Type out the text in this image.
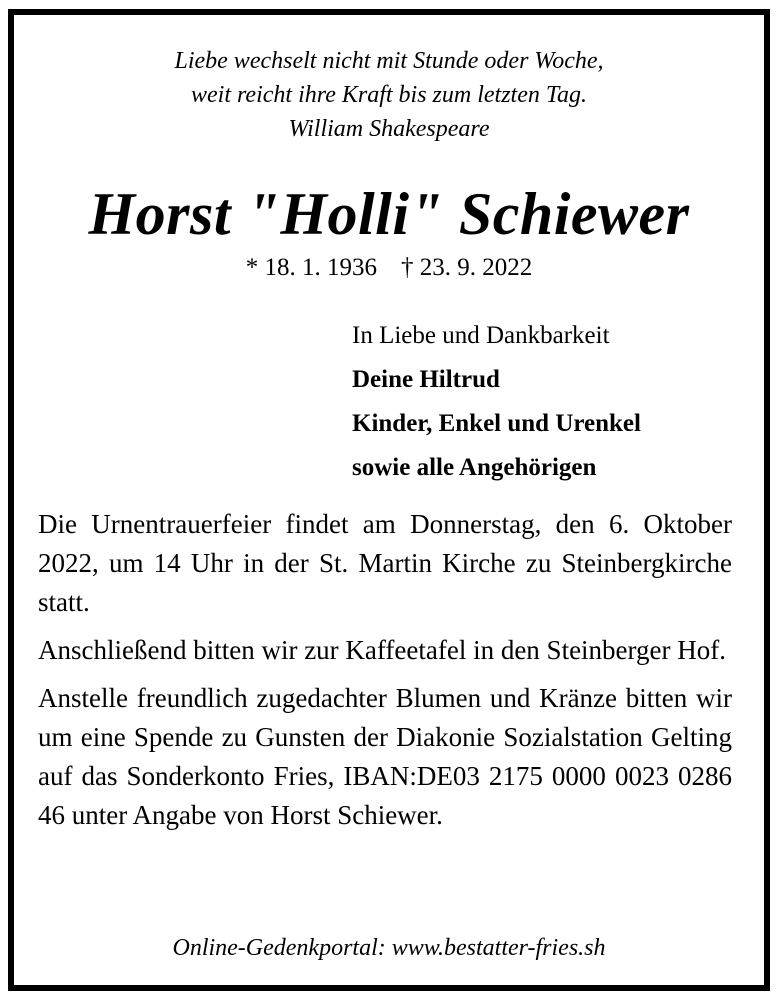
Liebe wechselt nicht mit Stunde oder Woche,
weit reicht ihre Kraft bis zum letzten Tag.
William Shakespeare
Horst "Holli" Schiewer
* 18. 1. 1936 † 23. 9. 2022
In Liebe und Dankbarkeit
Deine Hiltrud
Kinder, Enkel und Urenkel
sowie alle Angehörigen

Die Urnentrauerfeier findet am Donnerstag, den 6. Oktober 2022, um 14 Uhr in der St. Martin Kirche zu Steinbergkirche statt.

Anschließend bitten wir zur Kaffeetafel in den Steinberger Hof.

Anstelle freundlich zugedachter Blumen und Kränze bitten wir um eine Spende zu Gunsten der Diakonie Sozialstation Gelting auf das Sonderkonto Fries, IBAN:DE03 2175 0000 0023 0286 46 unter Angabe von Horst Schiewer.

Online-Gedenkportal: www.bestatter-fries.sh
